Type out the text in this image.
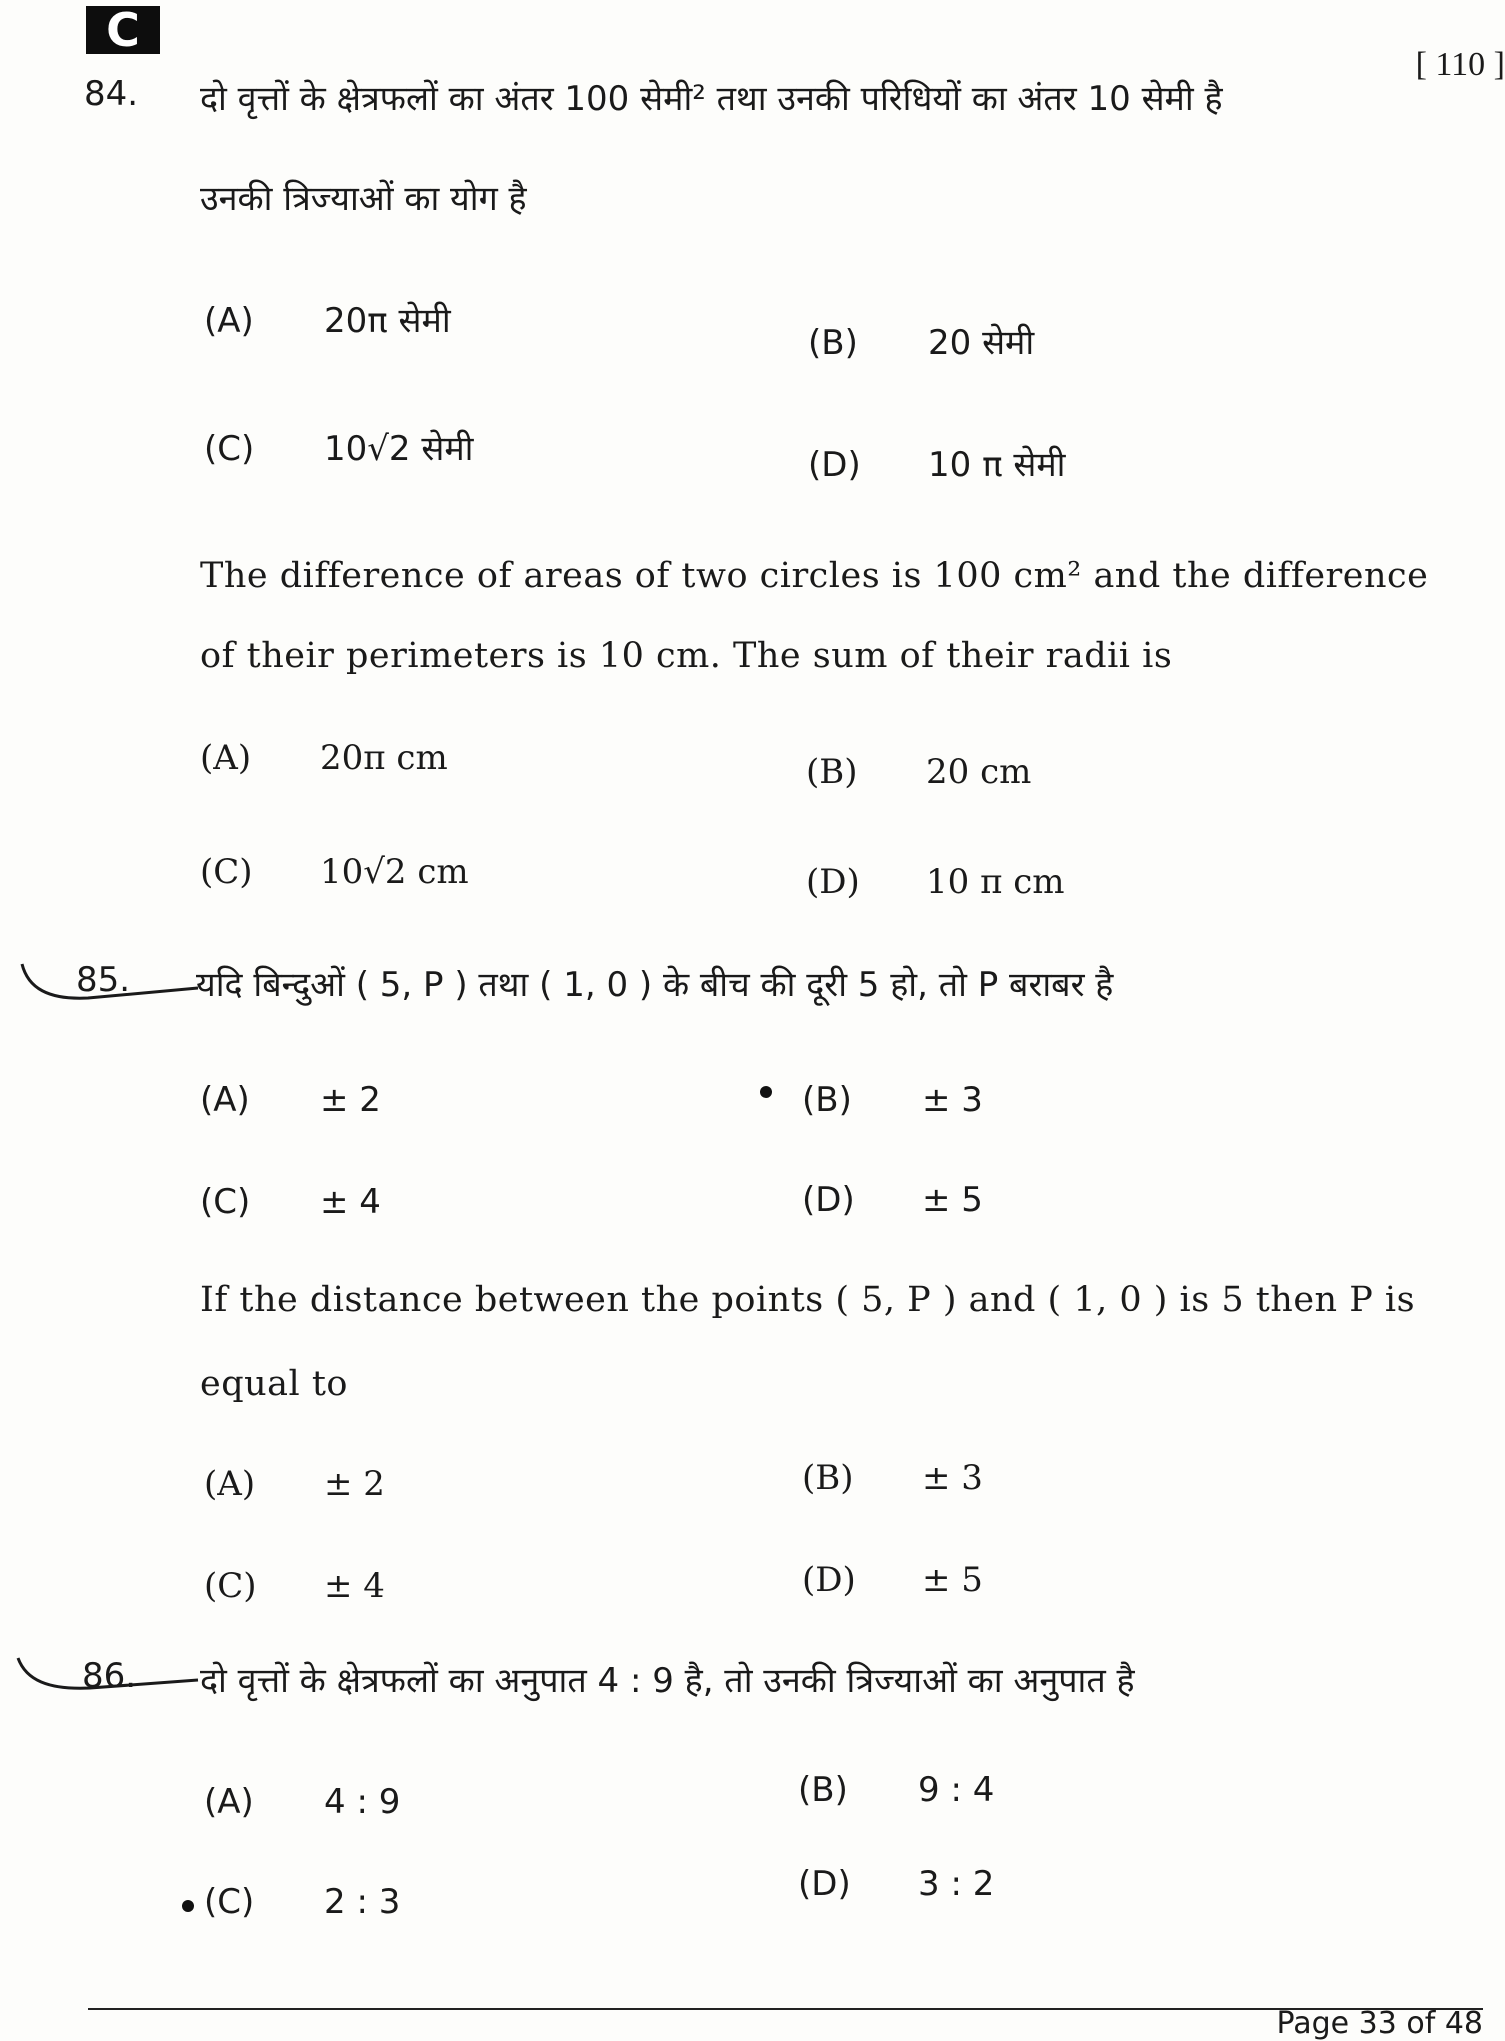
C
[ 110 ]
84. दो वृत्तों के क्षेत्रफलों का अंतर 100 सेमी² तथा उनकी परिधियों का अंतर 10 सेमी है
उनकी त्रिज्याओं का योग है
(A) 20π सेमी
(B) 20 सेमी
(C) 10√2 सेमी	(D) 10 π सेमी
The difference of areas of two circles is 100 cm² and the difference
of their perimeters is 10 cm. The sum of their radii is
(A) 20π cm	(B) 20 cm
(C) 10√2 cm	(D) 10 π cm
85. यदि बिन्दुओं ( 5, P ) तथा ( 1, 0 ) के बीच की दूरी 5 हो, तो P बराबर है
(A) ± 2	(B) ± 3
(C) ± 4	(D) ± 5
If the distance between the points ( 5, P ) and ( 1, 0 ) is 5 then P is
equal to
(A) ± 2	(B) ± 3
(C) ± 4	(D) ± 5
86. दो वृत्तों के क्षेत्रफलों का अनुपात 4 : 9 है, तो उनकी त्रिज्याओं का अनुपात है
(A) 4 : 9	(B) 9 : 4
(C) 2 : 3	(D) 3 : 2
Page 33 of 48
